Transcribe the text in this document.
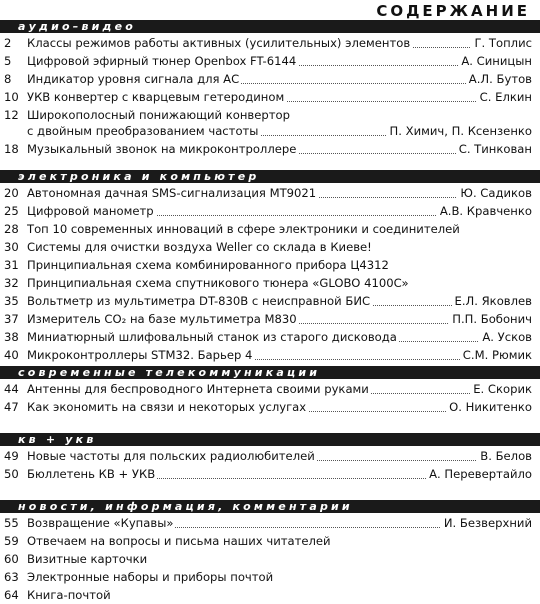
СОДЕРЖАНИЕ
аудио–видео
2	Классы режимов работы активных (усилительных) элементов	Г. Топлис
5	Цифровой эфирный тюнер Openbox FT-6144	А. Синицын
8	Индикатор уровня сигнала для АС	А.Л. Бутов
10 УКВ конвертер с кварцевым гетеродином	С. Елкин
12 Широкополосный понижающий конвертор
с двойным преобразованием частоты	П. Химич, П. Ксензенко
18 Музыкальный звонок на микроконтроллере	С. Тинкован
электроника и компьютер
20 Автономная дачная SMS-сигнализация МТ9021	Ю. Садиков
25 Цифровой манометр	А.В. Кравченко
28 Топ 10 современных инноваций в сфере электроники и соединителей
30 Системы для очистки воздуха Weller со склада в Киеве!
31 Принципиальная схема комбинированного прибора Ц4312
32 Принципиальная схема спутникового тюнера «GLOBO 4100C»
35 Вольтметр из мультиметра DT-830B с неисправной БИС	Е.Л. Яковлев
37 Измеритель CO₂ на базе мультиметра М830	П.П. Бобонич
38 Миниатюрный шлифовальный станок из старого дисковода	А. Усков
40 Микроконтроллеры STM32. Барьер 4	С.М. Рюмик
современные телекоммуникации
44 Антенны для беспроводного Интернета своими руками	Е. Скорик
47 Как экономить на связи и некоторых услугах	О. Никитенко
кв + укв
49 Новые частоты для польских радиолюбителей	В. Белов
50 Бюллетень КВ + УКВ	А. Перевертайло
новости, информация, комментарии
55 Возвращение «Купавы»	И. Безверхний
59 Отвечаем на вопросы и письма наших читателей
60 Визитные карточки
63 Электронные наборы и приборы почтой
64 Книга-почтой
